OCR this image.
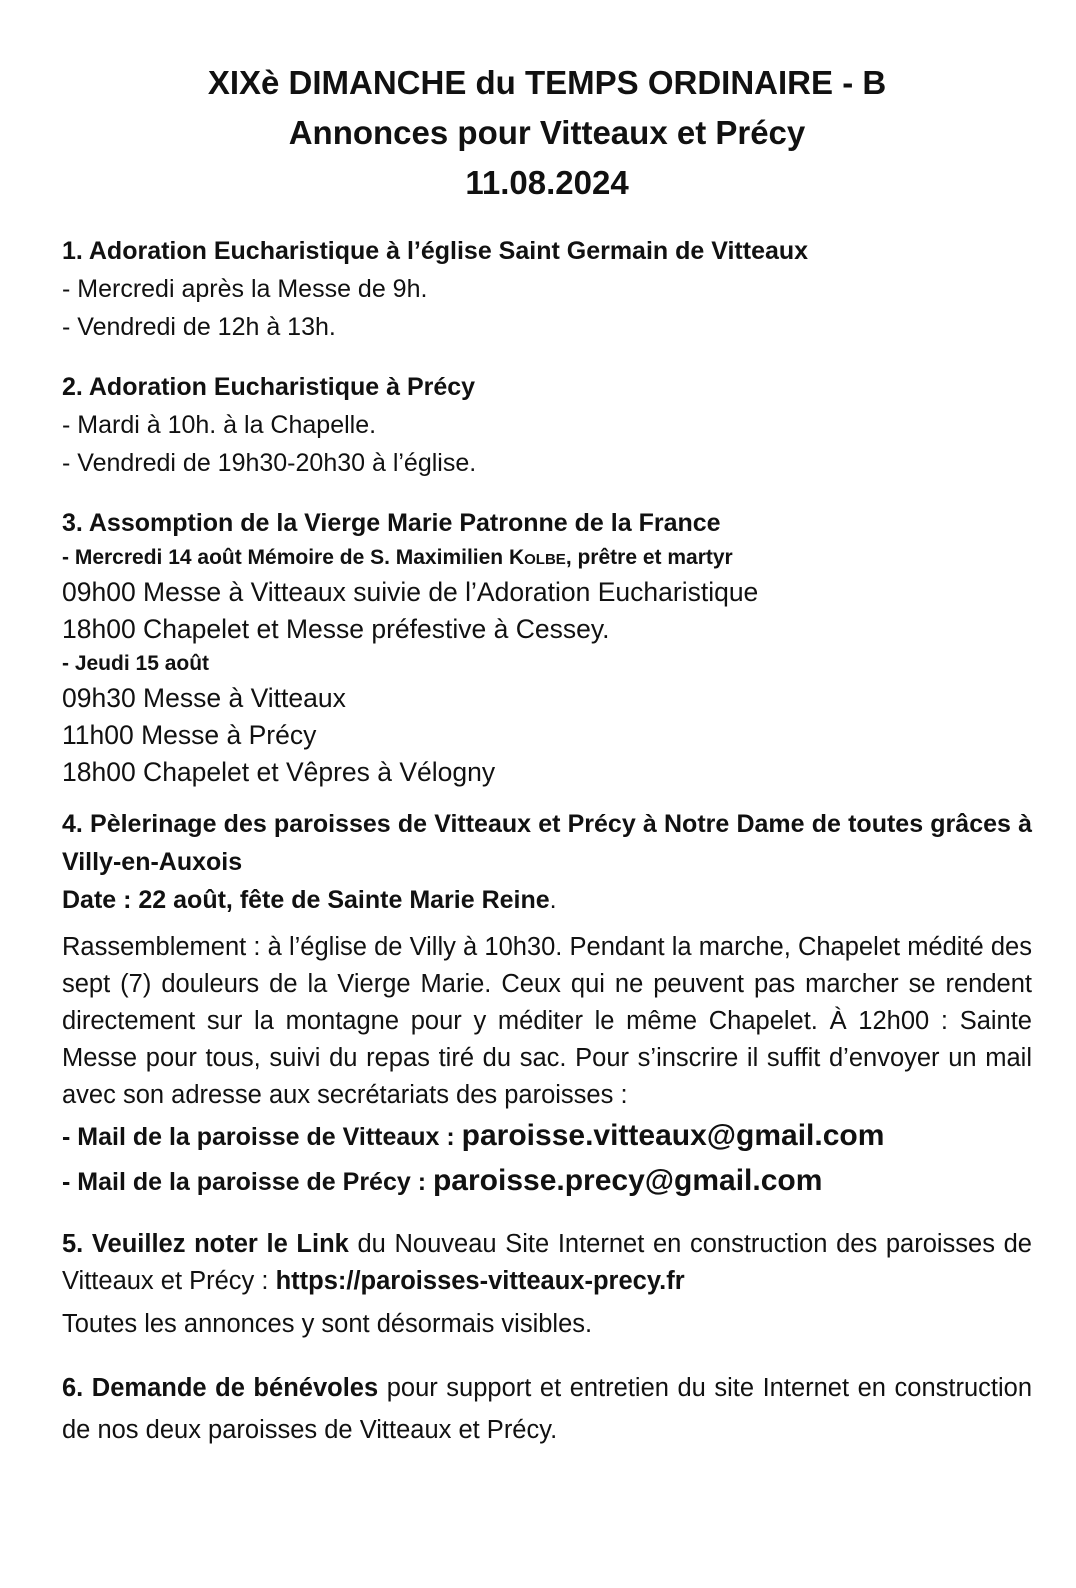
XIXè DIMANCHE du TEMPS ORDINAIRE - B
Annonces pour Vitteaux et Précy
11.08.2024
1. Adoration Eucharistique à l’église Saint Germain de Vitteaux
- Mercredi après la Messe de 9h.
- Vendredi de 12h à 13h.
2. Adoration Eucharistique à Précy
- Mardi à 10h. à la Chapelle.
- Vendredi de 19h30-20h30 à l’église.
3. Assomption de la Vierge Marie Patronne de la France
- Mercredi 14 août Mémoire de S. Maximilien Kolbe, prêtre et martyr
09h00 Messe à Vitteaux suivie de l’Adoration Eucharistique
18h00 Chapelet et Messe préfestive à Cessey.
- Jeudi 15 août
09h30 Messe à Vitteaux
11h00 Messe à Précy
18h00 Chapelet et Vêpres à Vélogny
4. Pèlerinage des paroisses de Vitteaux et Précy à Notre Dame de toutes grâces à Villy-en-Auxois
Date : 22 août, fête de Sainte Marie Reine.
Rassemblement : à l’église de Villy à 10h30. Pendant la marche, Chapelet médité des sept (7) douleurs de la Vierge Marie. Ceux qui ne peuvent pas marcher se rendent directement sur la montagne pour y méditer le même Chapelet. À 12h00 : Sainte Messe pour tous, suivi du repas tiré du sac. Pour s’inscrire il suffit d’envoyer un mail avec son adresse aux secrétariats des paroisses :
- Mail de la paroisse de Vitteaux : paroisse.vitteaux@gmail.com
- Mail de la paroisse de Précy : paroisse.precy@gmail.com
5. Veuillez noter le Link du Nouveau Site Internet en construction des paroisses de Vitteaux et Précy : https://paroisses-vitteaux-precy.fr
Toutes les annonces y sont désormais visibles.
6. Demande de bénévoles pour support et entretien du site Internet en construction de nos deux paroisses de Vitteaux et Précy.
